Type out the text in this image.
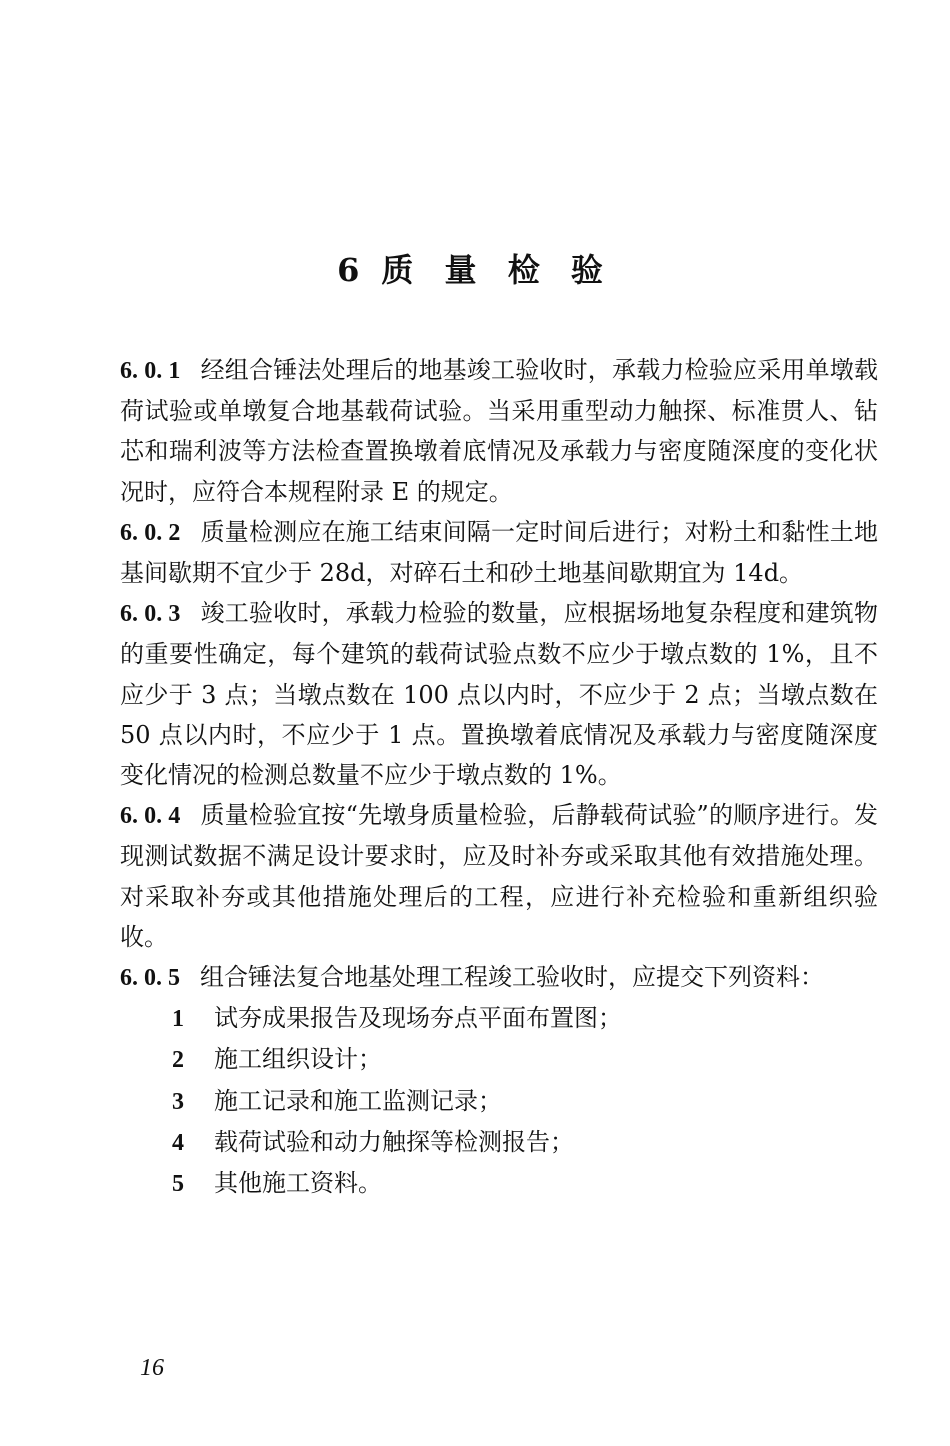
6 质 量 检 验

6. 0. 1 经组合锤法处理后的地基竣工验收时，承载力检验应采用单墩载荷试验或单墩复合地基载荷试验。当采用重型动力触探、标准贯人、钻芯和瑞利波等方法检查置换墩着底情况及承载力与密度随深度的变化状况时，应符合本规程附录 E 的规定。

6. 0. 2 质量检测应在施工结束间隔一定时间后进行；对粉土和黏性土地基间歇期不宜少于 28d，对碎石土和砂土地基间歇期宜为 14d。

6. 0. 3 竣工验收时，承载力检验的数量，应根据场地复杂程度和建筑物的重要性确定，每个建筑的载荷试验点数不应少于墩点数的 1%，且不应少于 3 点；当墩点数在 100 点以内时，不应少于 2 点；当墩点数在 50 点以内时，不应少于 1 点。置换墩着底情况及承载力与密度随深度变化情况的检测总数量不应少于墩点数的 1%。

6. 0. 4 质量检验宜按“先墩身质量检验，后静载荷试验”的顺序进行。发现测试数据不满足设计要求时，应及时补夯或采取其他有效措施处理。对采取补夯或其他措施处理后的工程，应进行补充检验和重新组织验收。

6. 0. 5 组合锤法复合地基处理工程竣工验收时，应提交下列资料：

1 试夯成果报告及现场夯点平面布置图；
2 施工组织设计；
3 施工记录和施工监测记录；
4 载荷试验和动力触探等检测报告；
5 其他施工资料。
16
